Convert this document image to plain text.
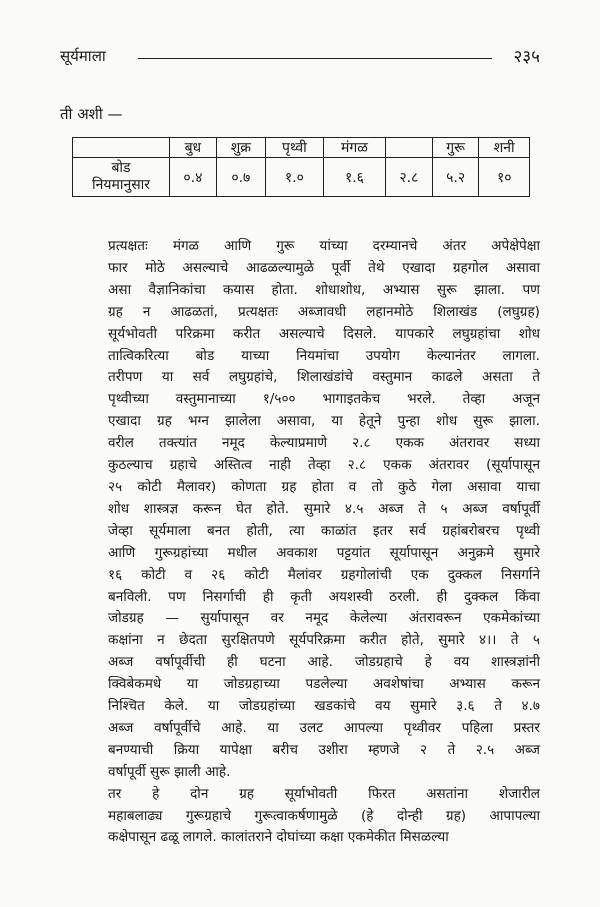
सूर्यमाला	२३५
ती अशी —
	बुध	शुक्र	पृथ्वी	मंगळ		गुरू	शनी

बोड
नियमानुसार	०.४	०.७	१.०	१.६	२.८	५.२	१०

प्रत्यक्षतः मंगळ आणि गुरू यांच्या दरम्यानचे अंतर अपेक्षेपेक्षा
फार मोठे असल्याचे आढळल्यामुळे पूर्वी तेथे एखादा ग्रहगोल असावा
असा वैज्ञानिकांचा कयास होता. शोधाशोध, अभ्यास सुरू झाला. पण
ग्रह न आढळतां, प्रत्यक्षतः अब्जावधी लहानमोठे शिलाखंड (लघुग्रह)
सूर्यभोवती परिक्रमा करीत असल्याचे दिसले. यापकारे लघुग्रहांचा शोध
तात्विकरित्या बोड याच्या नियमांचा उपयोग केल्यानंतर लागला.
तरीपण या सर्व लघुग्रहांचे, शिलाखंडांचे वस्तुमान काढले असता ते
पृथ्वीच्या वस्तुमानाच्या १/५०० भागाइतकेच भरले. तेव्हा अजून
एखादा ग्रह भग्न झालेला असावा, या हेतूने पुन्हा शोध सुरू झाला.
वरील तक्त्यांत नमूद केल्याप्रमाणे २.८ एकक अंतरावर सध्या
कुठल्याच ग्रहाचे अस्तित्व नाही तेव्हा २.८ एकक अंतरावर (सूर्यापासून
२५ कोटी मैलावर) कोणता ग्रह होता व तो कुठे गेला असावा याचा
शोध शास्त्रज्ञ करून घेत होते. सुमारे ४.५ अब्ज ते ५ अब्ज वर्षापूर्वी
जेव्हा सूर्यमाला बनत होती, त्या काळांत इतर सर्व ग्रहांबरोबरच पृथ्वी
आणि गुरूग्रहांच्या मधील अवकाश पट्टयांत सूर्यापासून अनुक्रमे सुमारे
१६ कोटी व २६ कोटी मैलांवर ग्रहगोलांची एक दुक्कल निसर्गाने
बनविली. पण निसर्गाची ही कृती अयशस्वी ठरली. ही दुक्कल किंवा
जोडग्रह — सुर्यापासून वर नमूद केलेल्या अंतरावरून एकमेकांच्या
कक्षांना न छेदता सुरक्षितपणे सूर्यपरिक्रमा करीत होते, सुमारे ४।। ते ५
अब्ज वर्षापूर्वीची ही घटना आहे. जोडग्रहाचे हे वय शास्त्रज्ञांनी
क्विबेकमधे या जोडग्रहाच्या पडलेल्या अवशेषांचा अभ्यास करून
निश्चित केले. या जोडग्रहांच्या खडकांचे वय सुमारे ३.६ ते ४.७
अब्ज वर्षापूर्वीचे आहे. या उलट आपल्या पृथ्वीवर पहिला प्रस्तर
बनण्याची क्रिया यापेक्षा बरीच उशीरा म्हणजे २ ते २.५ अब्ज
वर्षापूर्वी सुरू झाली आहे.

तर हे दोन ग्रह सूर्याभोवती फिरत असतांना शेजारील
महाबलाढ्य गुरूग्रहाचे गुरूत्वाकर्षणामुळे (हे दोन्ही ग्रह) आपापल्या
कक्षेपासून ढळू लागले. कालांतराने दोघांच्या कक्षा एकमेकीत मिसळल्या
